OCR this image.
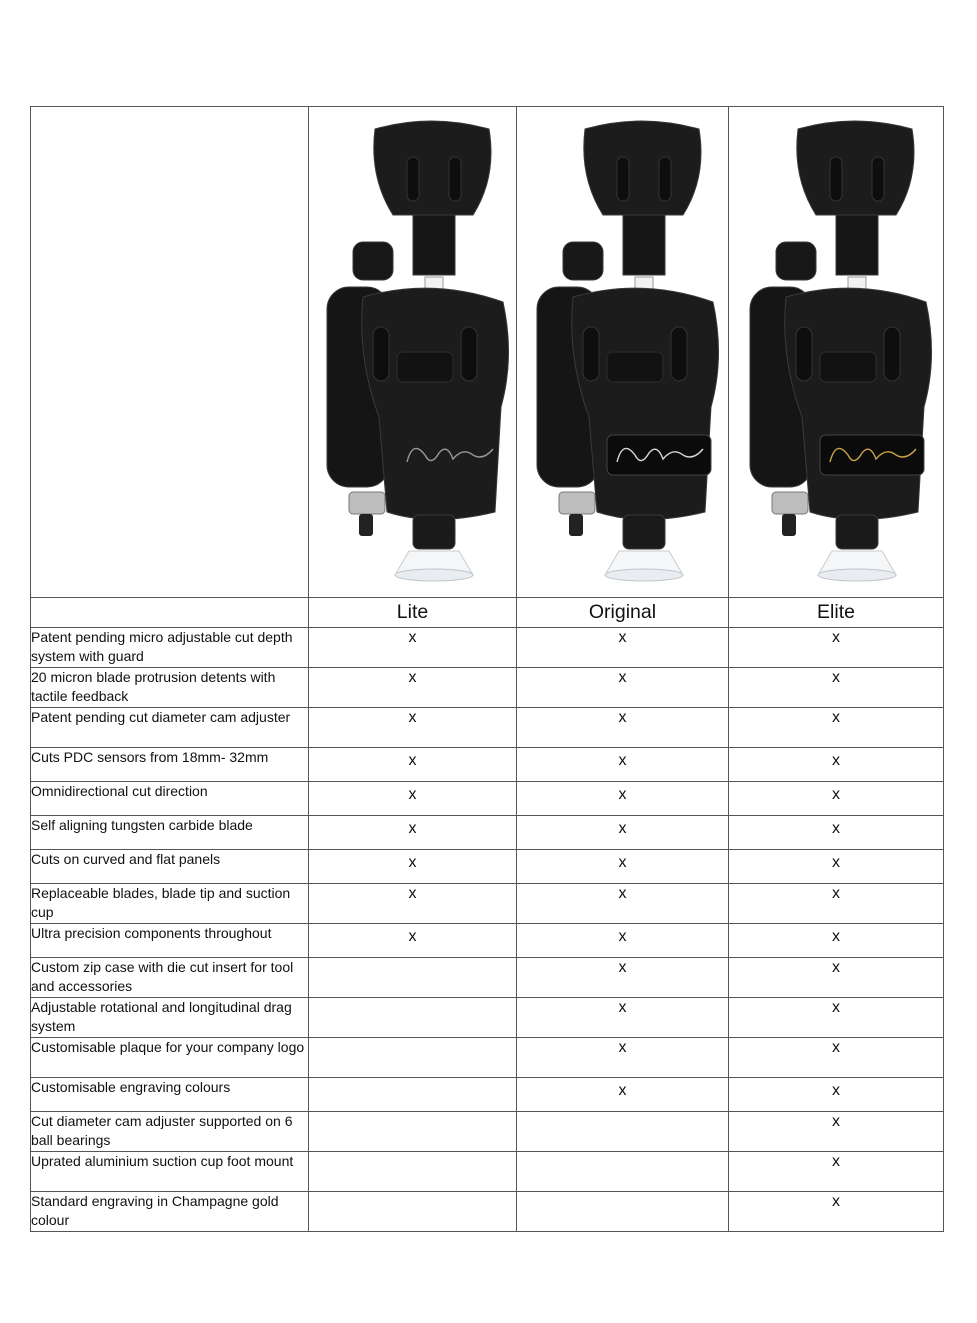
	Lite	Original	Elite
Patent pending micro adjustable cut depth system with guard	x	x	x
20 micron blade protrusion detents with tactile feedback	x	x	x
Patent pending cut diameter cam adjuster	x	x	x
Cuts PDC sensors from 18mm- 32mm	x	x	x
Omnidirectional cut direction	x	x	x
Self aligning tungsten carbide blade	x	x	x
Cuts on curved and flat panels	x	x	x
Replaceable blades, blade tip and suction cup	x	x	x
Ultra precision components throughout	x	x	x
Custom zip case with die cut insert for tool and accessories		x	x
Adjustable rotational and longitudinal drag system		x	x
Customisable plaque for your company logo		x	x
Customisable engraving colours		x	x
Cut diameter cam adjuster supported on 6 ball bearings			x
Uprated aluminium suction cup foot mount			x
Standard engraving in Champagne gold colour			x
